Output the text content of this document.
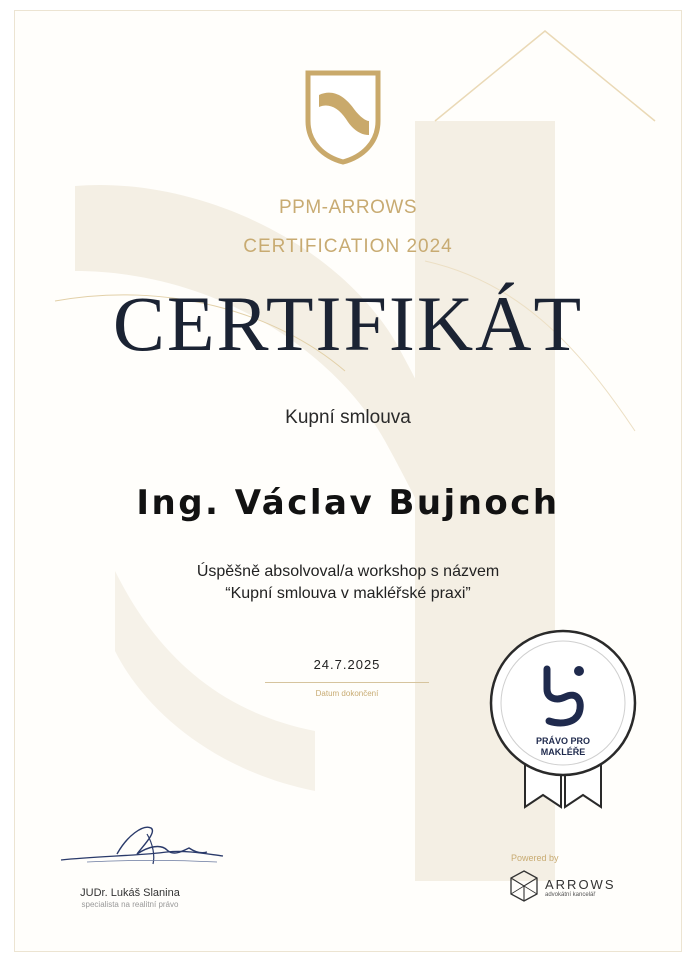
PPM-ARROWS
CERTIFICATION 2024
CERTIFIKÁT
Kupní smlouva
Ing. Václav Bujnoch
Úspěšně absolvoval/a workshop s názvem
“Kupní smlouva v makléřské praxi”
24.7.2025
Datum dokončení
PRÁVO PRO
MAKLÉŘE
JUDr. Lukáš Slanina
specialista na realitní právo
Powered by
ARROWS
advokátní kancelář
